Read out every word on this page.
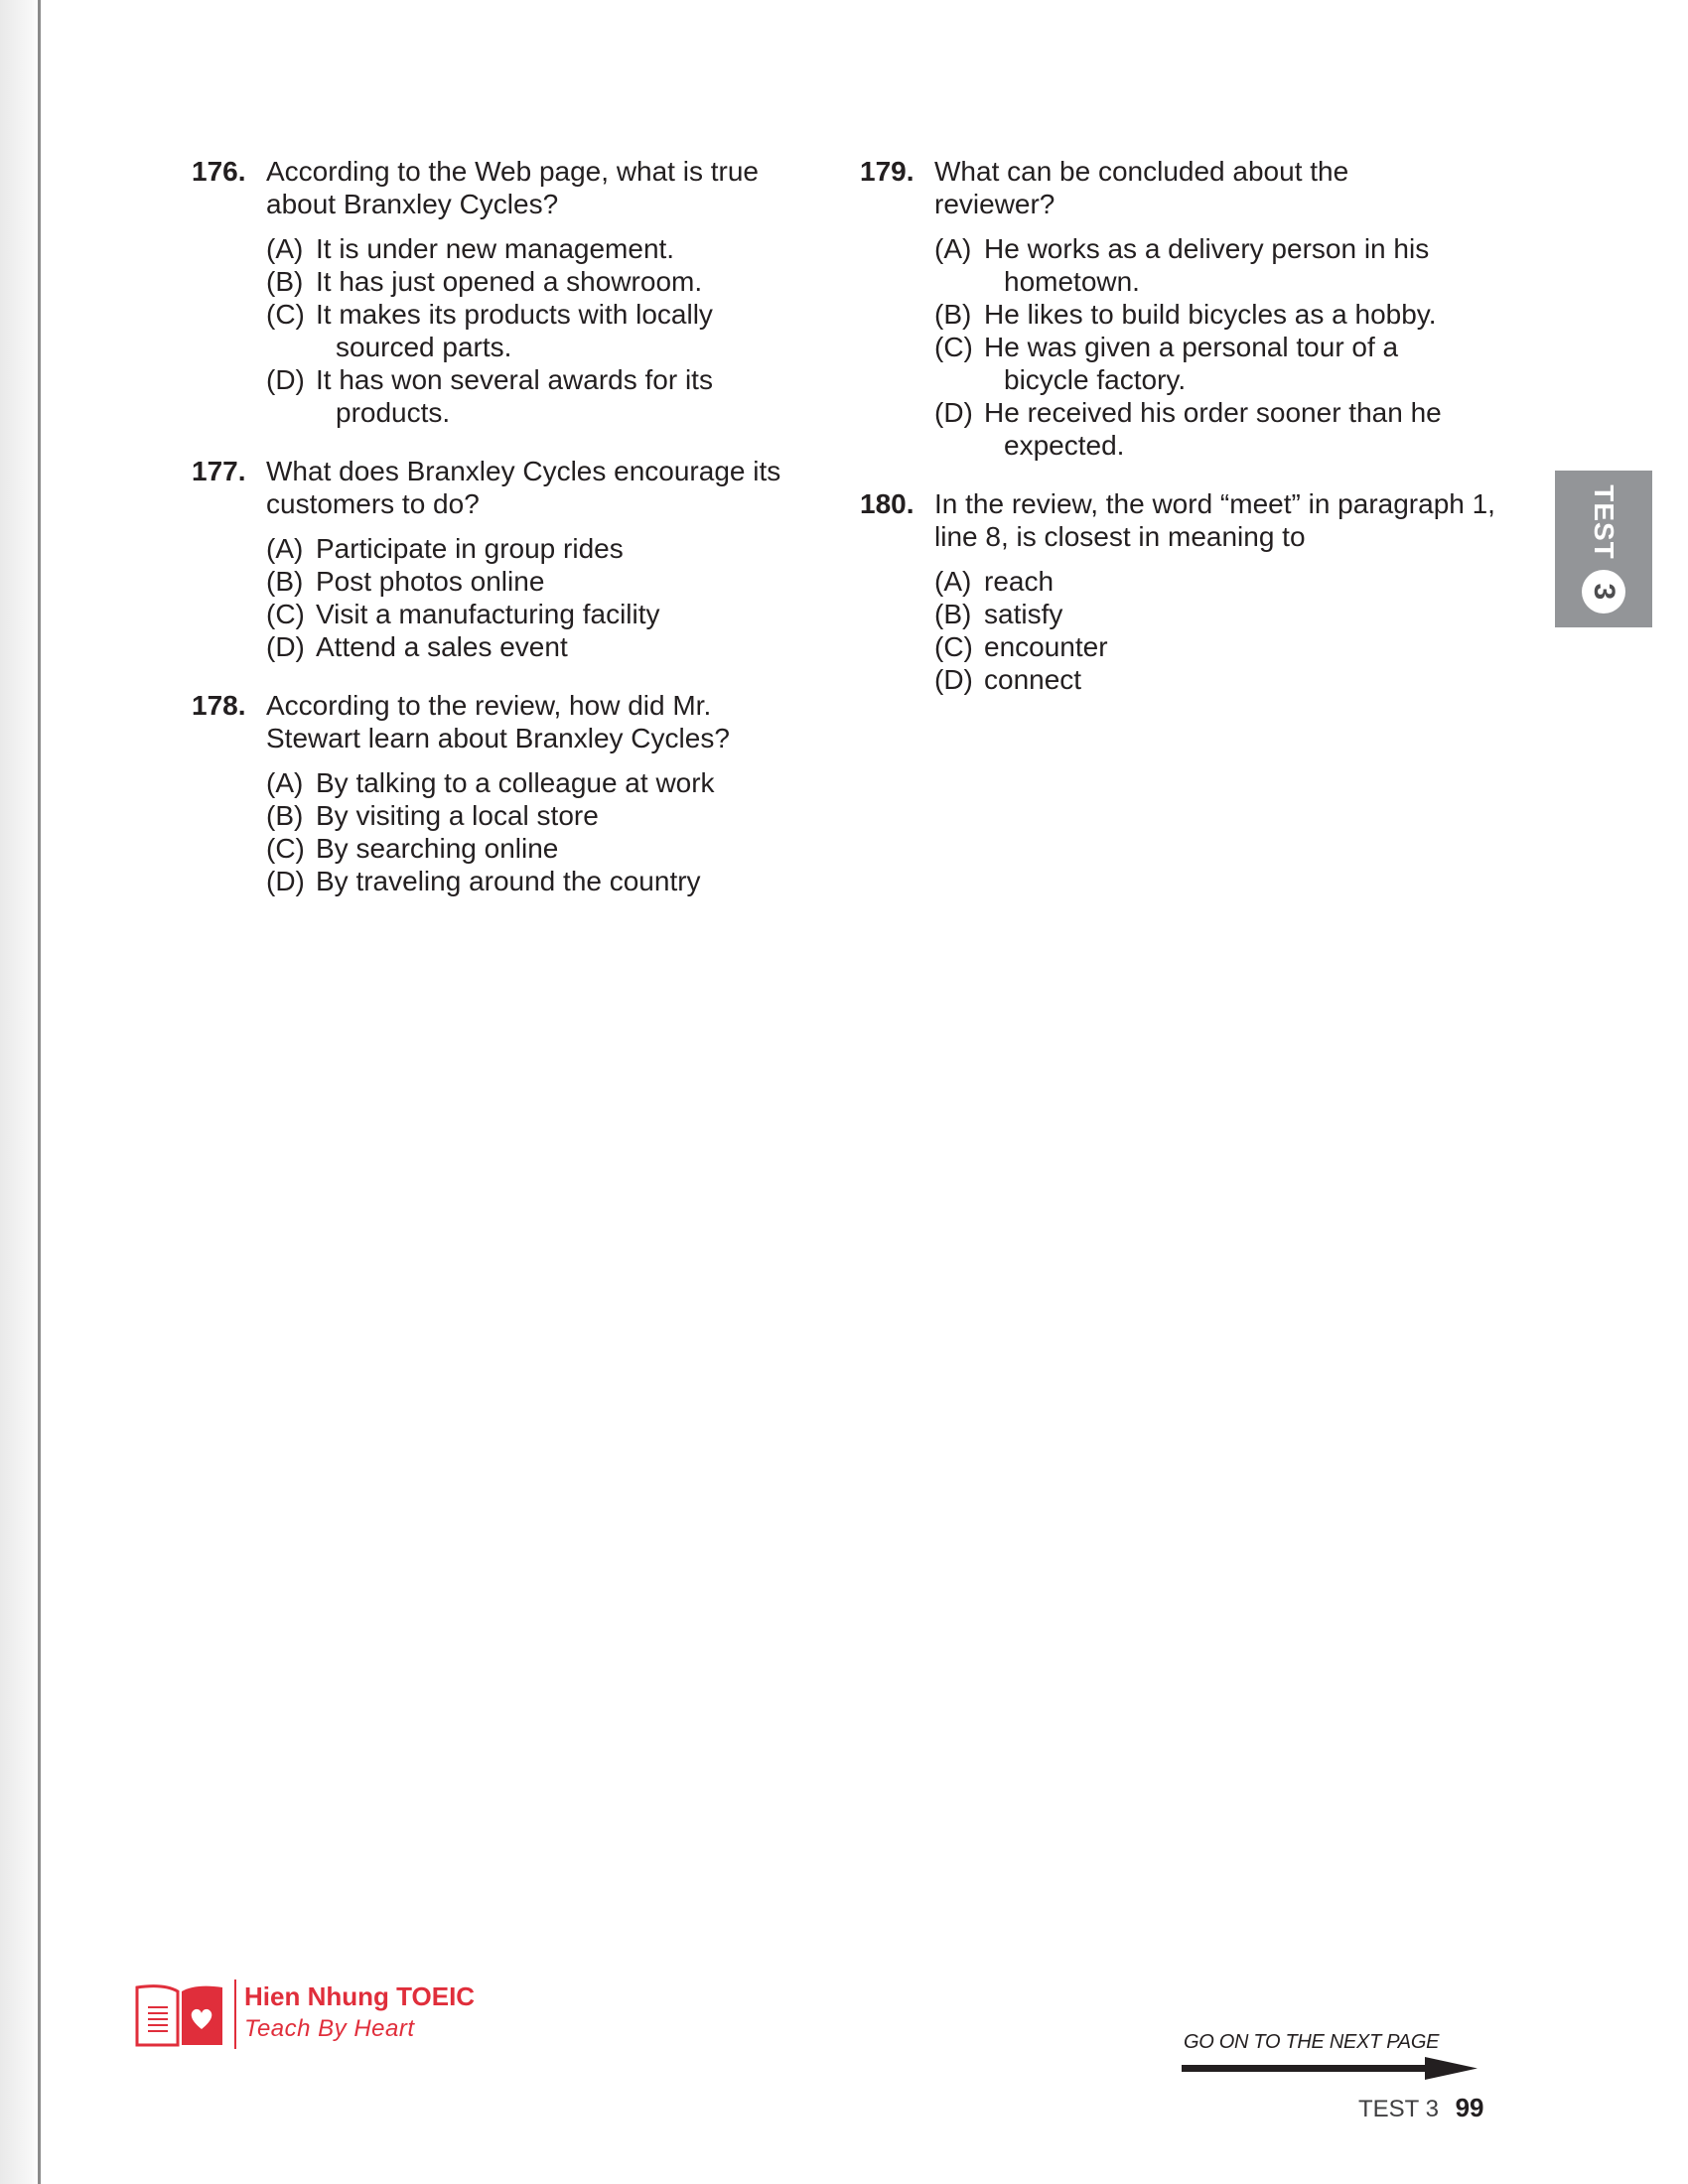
176. According to the Web page, what is true about Branxley Cycles?
(A) It is under new management.
(B) It has just opened a showroom.
(C) It makes its products with locally sourced parts.
(D) It has won several awards for its products.
177. What does Branxley Cycles encourage its customers to do?
(A) Participate in group rides
(B) Post photos online
(C) Visit a manufacturing facility
(D) Attend a sales event
178. According to the review, how did Mr. Stewart learn about Branxley Cycles?
(A) By talking to a colleague at work
(B) By visiting a local store
(C) By searching online
(D) By traveling around the country
179. What can be concluded about the reviewer?
(A) He works as a delivery person in his hometown.
(B) He likes to build bicycles as a hobby.
(C) He was given a personal tour of a bicycle factory.
(D) He received his order sooner than he expected.
180. In the review, the word “meet” in paragraph 1, line 8, is closest in meaning to
(A) reach
(B) satisfy
(C) encounter
(D) connect
TEST
3
Hien Nhung TOEIC
Teach By Heart	GO ON TO THE NEXT PAGE
TEST 3 99
